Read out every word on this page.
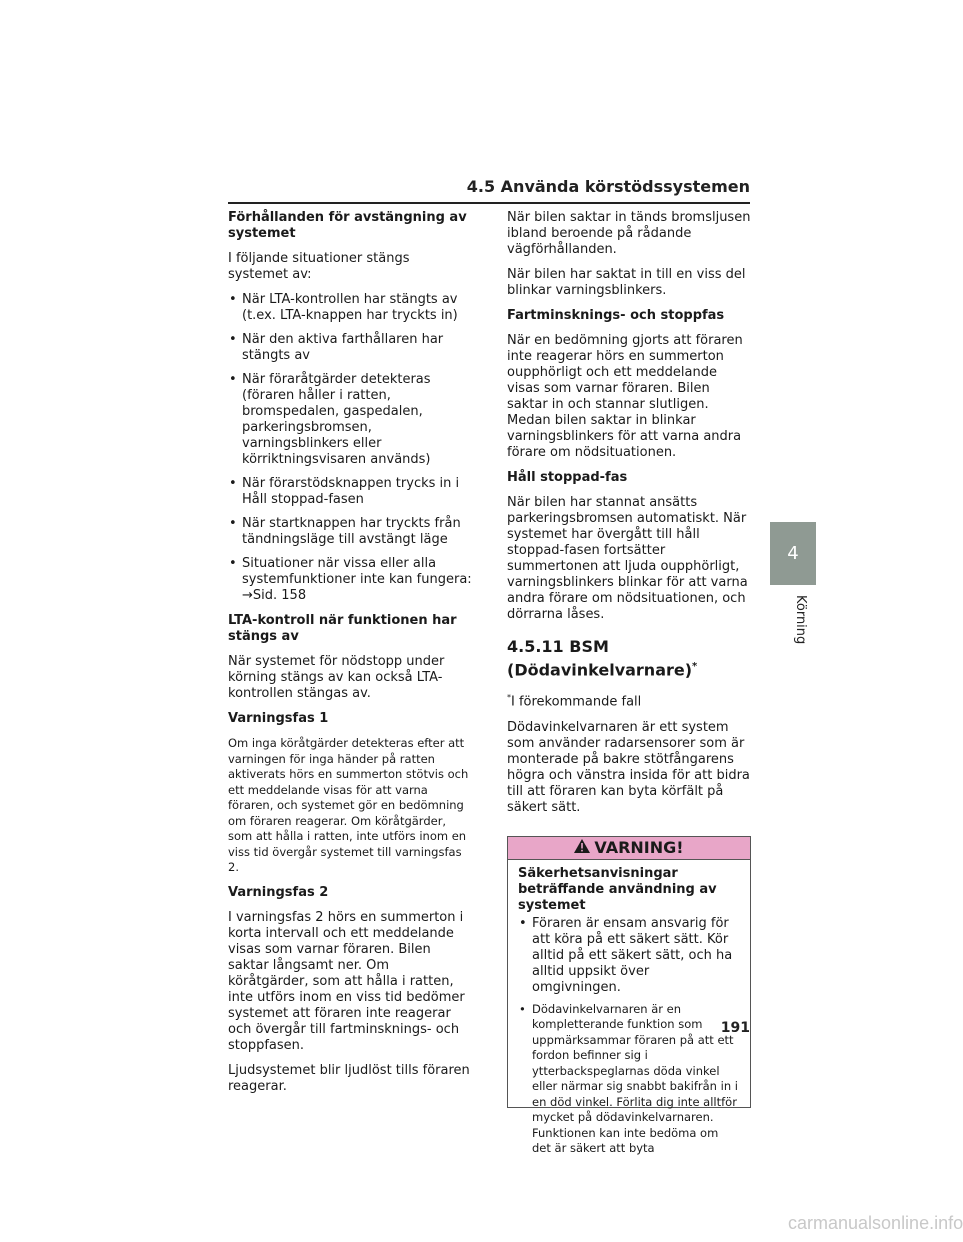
4.5 Använda körstödssystemen

Förhållanden för avstängning av systemet

I följande situationer stängs systemet av:

• När LTA-kontrollen har stängts av (t.ex. LTA-knappen har tryckts in)
• När den aktiva farthållaren har stängts av
• När föraråtgärder detekteras (föraren håller i ratten, bromspedalen, gaspedalen, parkeringsbromsen, varningsblinkers eller körriktningsvisaren används)
• När förarstödsknappen trycks in i Håll stoppad-fasen
• När startknappen har tryckts från tändningsläge till avstängt läge
• Situationer när vissa eller alla systemfunktioner inte kan fungera:
→Sid. 158

LTA-kontroll när funktionen har stängs av

När systemet för nödstopp under körning stängs av kan också LTA-kontrollen stängas av.

Varningsfas 1

Om inga köråtgärder detekteras efter att varningen för inga händer på ratten aktiverats hörs en summerton stötvis och ett meddelande visas för att varna föraren, och systemet gör en bedömning om föraren reagerar. Om köråtgärder, som att hålla i ratten, inte utförs inom en viss tid övergår systemet till varningsfas 2.

Varningsfas 2

I varningsfas 2 hörs en summerton i korta intervall och ett meddelande visas som varnar föraren. Bilen saktar långsamt ner. Om köråtgärder, som att hålla i ratten, inte utförs inom en viss tid bedömer systemet att föraren inte reagerar och övergår till fartminsknings- och stoppfasen.

Ljudsystemet blir ljudlöst tills föraren reagerar.

När bilen saktar in tänds bromsljusen ibland beroende på rådande vägförhållanden.

När bilen har saktat in till en viss del blinkar varningsblinkers.

Fartminsknings- och stoppfas

När en bedömning gjorts att föraren inte reagerar hörs en summerton oupphörligt och ett meddelande visas som varnar föraren. Bilen saktar in och stannar slutligen. Medan bilen saktar in blinkar varningsblinkers för att varna andra förare om nödsituationen.

Håll stoppad-fas

När bilen har stannat ansätts parkeringsbromsen automatiskt. När systemet har övergått till håll stoppad-fasen fortsätter summertonen att ljuda oupphörligt, varningsblinkers blinkar för att varna andra förare om nödsituationen, och dörrarna låses.

4.5.11 BSM (Dödavinkelvarnare)*

*I förekommande fall

Dödavinkelvarnaren är ett system som använder radarsensorer som är monterade på bakre stötfångarens högra och vänstra insida för att bidra till att föraren kan byta körfält på säkert sätt.

VARNING!
Säkerhetsanvisningar beträffande användning av systemet
• Föraren är ensam ansvarig för att köra på ett säkert sätt. Kör alltid på ett säkert sätt, och ha alltid uppsikt över omgivningen.
• Dödavinkelvarnaren är en kompletterande funktion som uppmärksammar föraren på att ett fordon befinner sig i ytterbackspeglarnas döda vinkel eller närmar sig snabbt bakifrån in i en död vinkel. Förlita dig inte alltför mycket på dödavinkelvarnaren. Funktionen kan inte bedöma om det är säkert att byta
4
Körning
191
carmanualsonline.info
